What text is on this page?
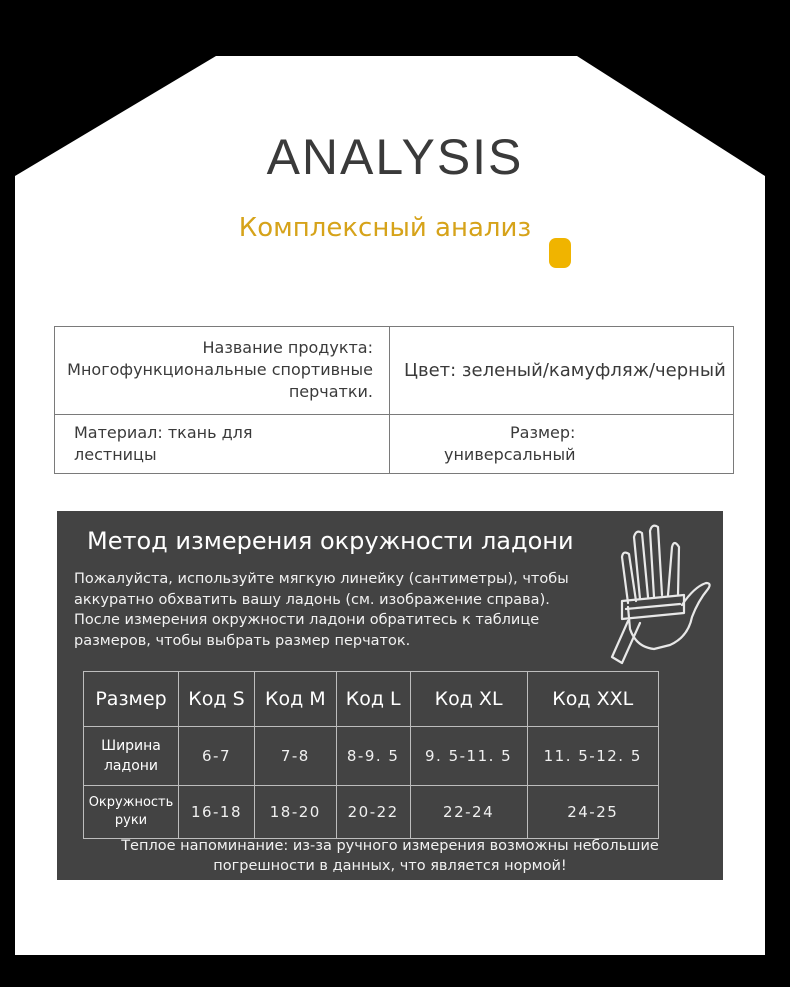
ANALYSIS
Комплексный анализ
Название продукта:
Многофункциональные спортивные
перчатки.	Цвет: зеленый/камуфляж/черный

Материал: ткань для
лестницы	Размер:
универсальный
Метод измерения окружности ладони
Пожалуйста, используйте мягкую линейку (сантиметры), чтобы
аккуратно обхватить вашу ладонь (см. изображение справа).
После измерения окружности ладони обратитесь к таблице
размеров, чтобы выбрать размер перчаток.
Размер	Код S	Код M	Код L	Код XL	Код XXL

Ширина
ладони	6-7	7-8	8-9. 5	9. 5-11. 5	11. 5-12. 5

Окружность
руки	16-18	18-20	20-22	22-24	24-25
Теплое напоминание: из-за ручного измерения возможны небольшие
погрешности в данных, что является нормой!
